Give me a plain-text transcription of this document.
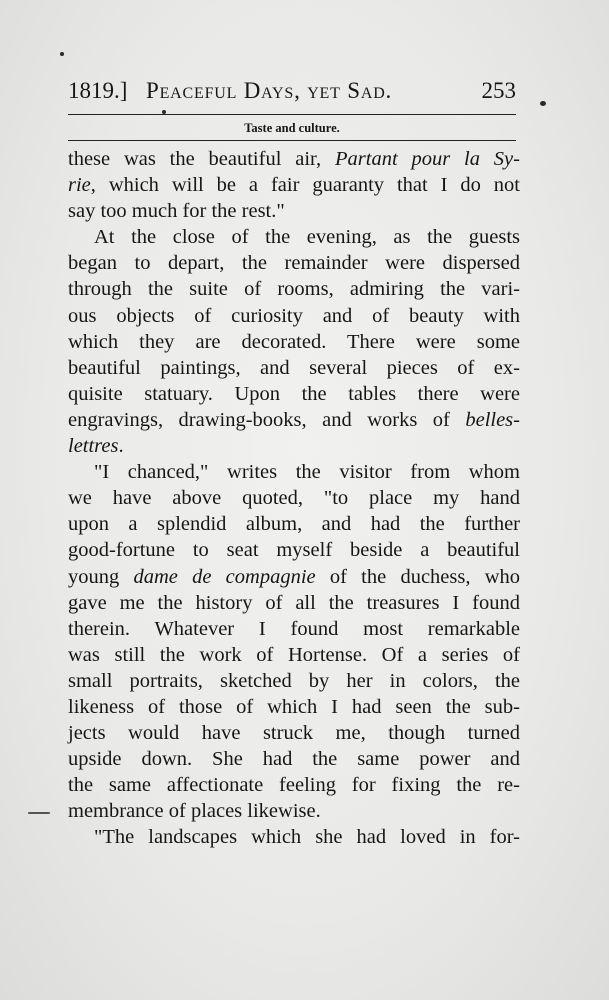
1819.] Peaceful Days, yet Sad.	253
Taste and culture.
these was the beautiful air, Partant pour la Sy-
rie, which will be a fair guaranty that I do not
say too much for the rest."
At the close of the evening, as the guests
began to depart, the remainder were dispersed
through the suite of rooms, admiring the vari-
ous objects of curiosity and of beauty with
which they are decorated. There were some
beautiful paintings, and several pieces of ex-
quisite statuary. Upon the tables there were
engravings, drawing-books, and works of belles-
lettres.
"I chanced," writes the visitor from whom
we have above quoted, "to place my hand
upon a splendid album, and had the further
good-fortune to seat myself beside a beautiful
young dame de compagnie of the duchess, who
gave me the history of all the treasures I found
therein. Whatever I found most remarkable
was still the work of Hortense. Of a series of
small portraits, sketched by her in colors, the
likeness of those of which I had seen the sub-
jects would have struck me, though turned
upside down. She had the same power and
the same affectionate feeling for fixing the re-
membrance of places likewise.
"The landscapes which she had loved in for-
